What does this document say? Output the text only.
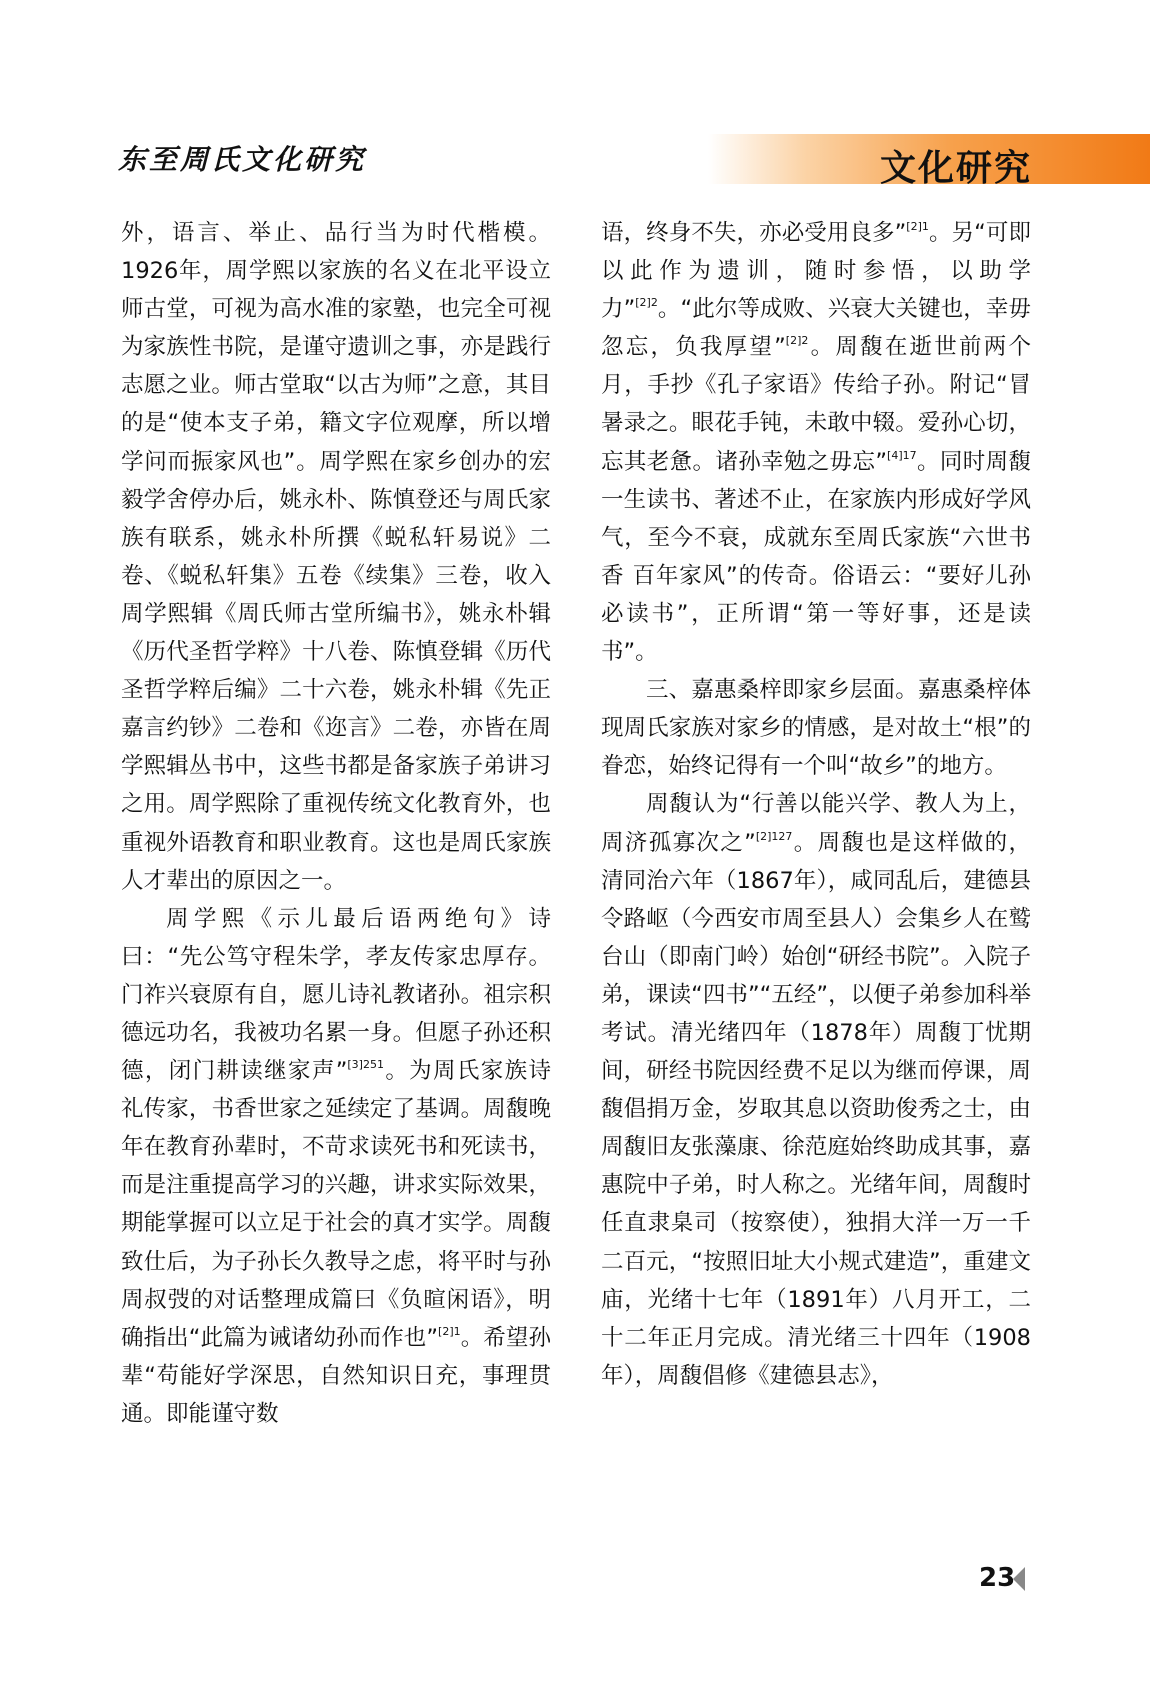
东至周氏文化研究	文化研究

外，语言、举止、品行当为时代楷模。1926年，周学熙以家族的名义在北平设立师古堂，可视为高水准的家塾，也完全可视为家族性书院，是谨守遗训之事，亦是践行志愿之业。师古堂取“以古为师”之意，其目的是“使本支子弟，籍文字位观摩，所以增学问而振家风也”。周学熙在家乡创办的宏毅学舍停办后，姚永朴、陈慎登还与周氏家族有联系，姚永朴所撰《蜕私轩易说》二卷、《蜕私轩集》五卷《续集》三卷，收入周学熙辑《周氏师古堂所编书》，姚永朴辑《历代圣哲学粹》十八卷、陈慎登辑《历代圣哲学粹后编》二十六卷，姚永朴辑《先正嘉言约钞》二卷和《迩言》二卷，亦皆在周学熙辑丛书中，这些书都是备家族子弟讲习之用。周学熙除了重视传统文化教育外，也重视外语教育和职业教育。这也是周氏家族人才辈出的原因之一。

周学熙《示儿最后语两绝句》诗曰：“先公笃守程朱学，孝友传家忠厚存。门祚兴衰原有自，愿儿诗礼教诸孙。祖宗积德远功名，我被功名累一身。但愿子孙还积德，闭门耕读继家声”$^{[3]251}$。为周氏家族诗礼传家，书香世家之延续定了基调。周馥晚年在教育孙辈时，不苛求读死书和死读书，而是注重提高学习的兴趣，讲求实际效果，期能掌握可以立足于社会的真才实学。周馥致仕后，为子孙长久教导之虑，将平时与孙周叔弢的对话整理成篇曰《负暄闲语》，明确指出“此篇为诫诸幼孙而作也”$^{[2]1}$。希望孙辈“苟能好学深思，自然知识日充，事理贯通。即能谨守数

语，终身不失，亦必受用良多”$^{[2]1}$。另“可即以此作为遗训，随时参悟，以助学力”$^{[2]2}$。“此尔等成败、兴衰大关键也，幸毋忽忘，负我厚望”$^{[2]2}$。周馥在逝世前两个月，手抄《孔子家语》传给子孙。附记“冒暑录之。眼花手钝，未敢中辍。爱孙心切，忘其老惫。诸孙幸勉之毋忘”$^{[4]17}$。同时周馥一生读书、著述不止，在家族内形成好学风气，至今不衰，成就东至周氏家族“六世书香 百年家风”的传奇。俗语云：“要好儿孙必读书”，正所谓“第一等好事，还是读书”。

三、嘉惠桑梓即家乡层面。嘉惠桑梓体现周氏家族对家乡的情感，是对故土“根”的眷恋，始终记得有一个叫“故乡”的地方。

周馥认为“行善以能兴学、教人为上，周济孤寡次之”$^{[2]127}$。周馥也是这样做的，清同治六年（1867年），咸同乱后，建德县令路岖（今西安市周至县人）会集乡人在鹫台山（即南门岭）始创“研经书院”。入院子弟，课读“四书”“五经”，以便子弟参加科举考试。清光绪四年（1878年）周馥丁忧期间，研经书院因经费不足以为继而停课，周馥倡捐万金，岁取其息以资助俊秀之士，由周馥旧友张藻康、徐范庭始终助成其事，嘉惠院中子弟，时人称之。光绪年间，周馥时任直隶臬司（按察使），独捐大洋一万一千二百元，“按照旧址大小规式建造”，重建文庙，光绪十七年（1891年）八月开工，二十二年正月完成。清光绪三十四年（1908年），周馥倡修《建德县志》，

23
